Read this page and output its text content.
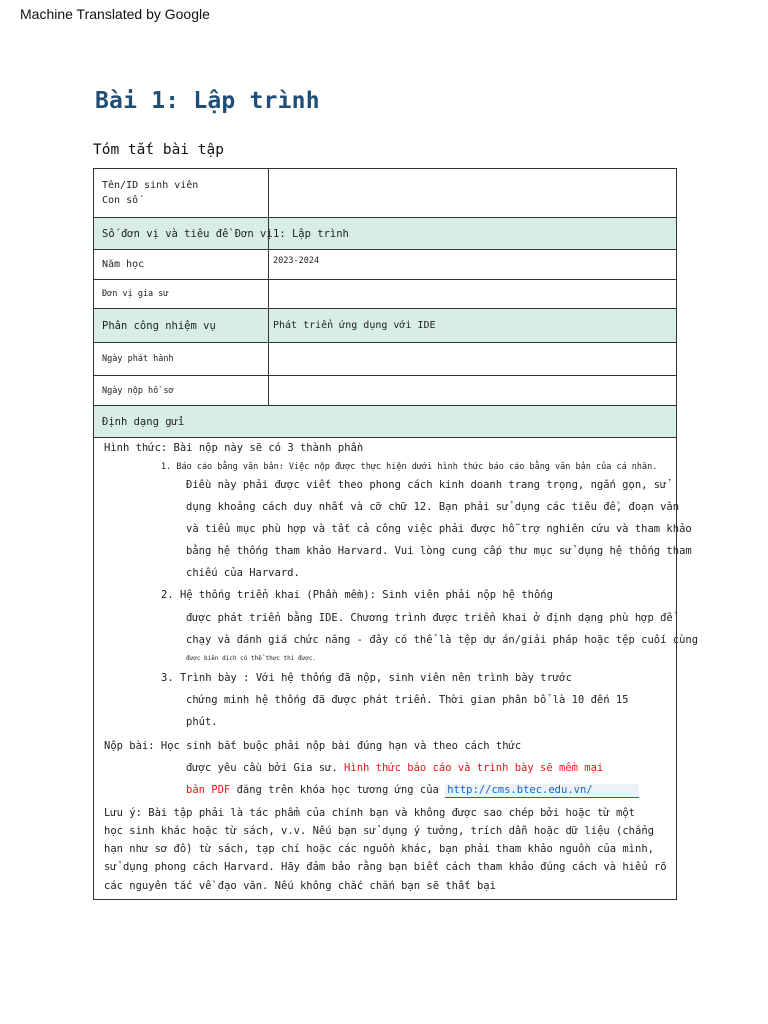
Machine Translated by Google
Bài 1: Lập trình
Tóm tắt bài tập
Tên/ID sinh viên
Con số
Số đơn vị và tiêu đề Đơn vị 1: Lập trình
Năm học	2023-2024
Đơn vị gia sư
Phân công nhiệm vụ	Phát triển ứng dụng với IDE
Ngày phát hành
Ngày nộp hồ sơ
Định dạng gửi
Hình thức: Bài nộp này sẽ có 3 thành phần
1. Báo cáo bằng văn bản: Việc nộp được thực hiện dưới hình thức báo cáo bằng văn bản của cá nhân.
Điều này phải được viết theo phong cách kinh doanh trang trọng, ngắn gọn, sử
dụng khoảng cách duy nhất và cỡ chữ 12. Bạn phải sử dụng các tiêu đề, đoạn văn
và tiểu mục phù hợp và tất cả công việc phải được hỗ trợ nghiên cứu và tham khảo
bằng hệ thống tham khảo Harvard. Vui lòng cung cấp thư mục sử dụng hệ thống tham
chiếu của Harvard.
2. Hệ thống triển khai (Phần mềm): Sinh viên phải nộp hệ thống
được phát triển bằng IDE. Chương trình được triển khai ở định dạng phù hợp để
chạy và đánh giá chức năng - đây có thể là tệp dự án/giải pháp hoặc tệp cuối cùng
được biên dịch có thể thực thi được.
3. Trình bày : Với hệ thống đã nộp, sinh viên nên trình bày trước
chứng minh hệ thống đã được phát triển. Thời gian phân bổ là 10 đến 15
phút.
Nộp bài: Học sinh bắt buộc phải nộp bài đúng hạn và theo cách thức
được yêu cầu bởi Gia sư. Hình thức báo cáo và trình bày sẽ mềm mại
bản PDF đăng trên khóa học tương ứng của http://cms.btec.edu.vn/
Lưu ý: Bài tập phải là tác phẩm của chính bạn và không được sao chép bởi hoặc từ một
học sinh khác hoặc từ sách, v.v. Nếu bạn sử dụng ý tưởng, trích dẫn hoặc dữ liệu (chẳng
hạn như sơ đồ) từ sách, tạp chí hoặc các nguồn khác, bạn phải tham khảo nguồn của mình,
sử dụng phong cách Harvard. Hãy đảm bảo rằng bạn biết cách tham khảo đúng cách và hiểu rõ
các nguyên tắc về đạo văn. Nếu không chắc chắn bạn sẽ thất bại
